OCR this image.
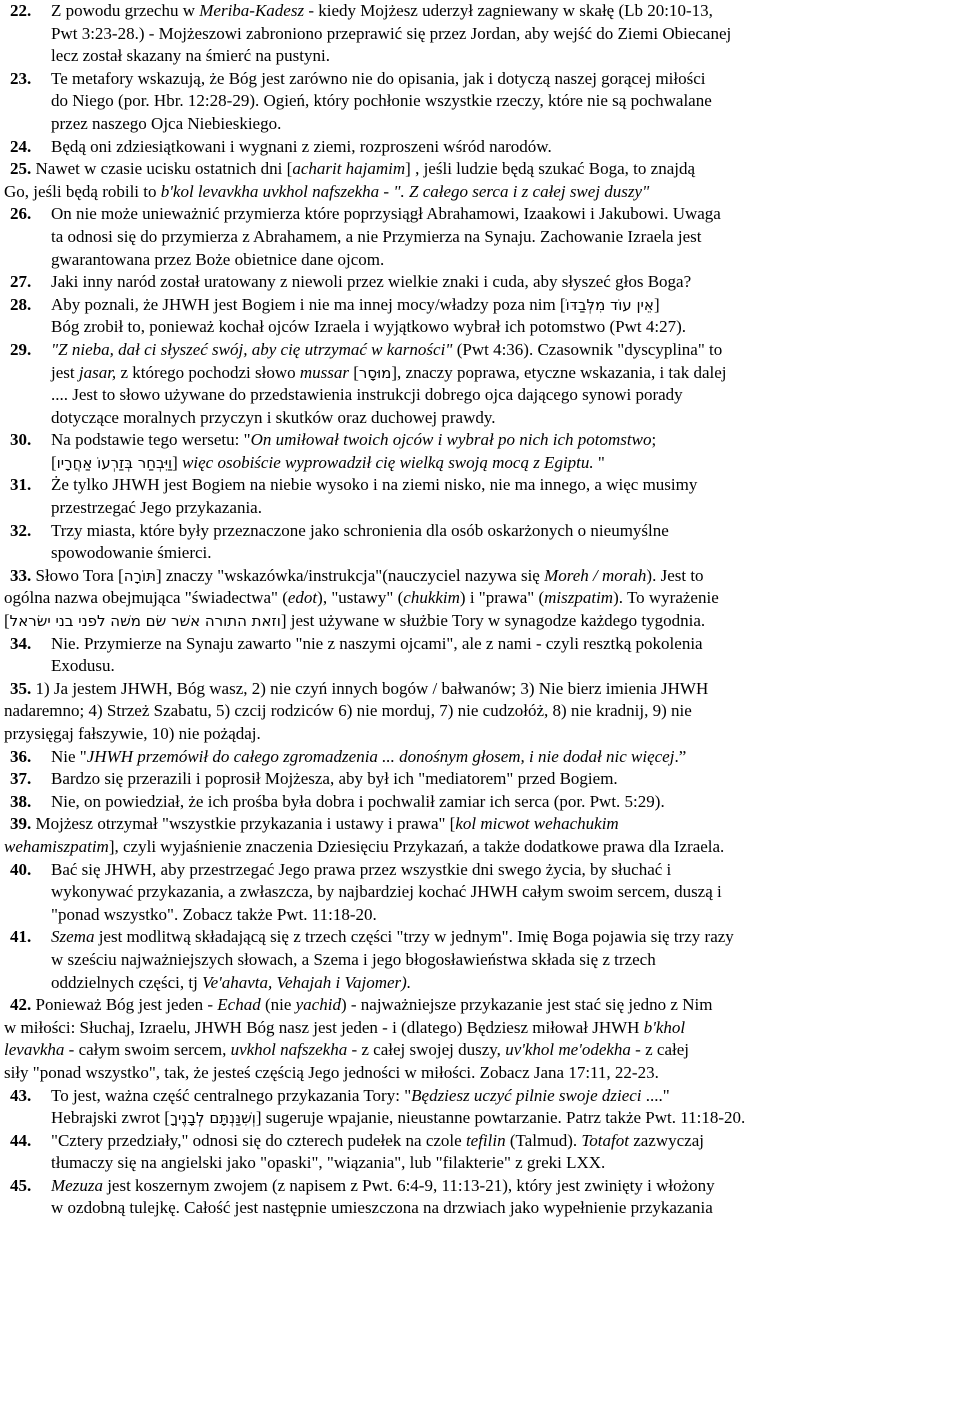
22. Z powodu grzechu w Meriba-Kadesz - kiedy Mojżesz uderzył zagniewany w skałę (Lb 20:10-13,
Pwt 3:23-28.) - Mojżeszowi zabroniono przeprawić się przez Jordan, aby wejść do Ziemi Obiecanej
lecz został skazany na śmierć na pustyni.
23. Te metafory wskazują, że Bóg jest zarówno nie do opisania, jak i dotyczą naszej gorącej miłości
do Niego (por. Hbr. 12:28-29). Ogień, który pochłonie wszystkie rzeczy, które nie są pochwalane
przez naszego Ojca Niebieskiego.
24. Będą oni zdziesiątkowani i wygnani z ziemi, rozproszeni wśród narodów.
25. Nawet w czasie ucisku ostatnich dni [acharit hajamim] , jeśli ludzie będą szukać Boga, to znajdą
Go, jeśli będą robili to b'kol levavkha uvkhol nafszekha - ". Z całego serca i z całej swej duszy"
26. On nie może unieważnić przymierza które poprzysiągł Abrahamowi, Izaakowi i Jakubowi. Uwaga
ta odnosi się do przymierza z Abrahamem, a nie Przymierza na Synaju. Zachowanie Izraela jest
gwarantowana przez Boże obietnice dane ojcom.
27. Jaki inny naród został uratowany z niewoli przez wielkie znaki i cuda, aby słyszeć głos Boga?
28. Aby poznali, że JHWH jest Bogiem i nie ma innej mocy/władzy poza nim [אֵין עוֹד מִלְּבַדּוֹ]
Bóg zrobił to, ponieważ kochał ojców Izraela i wyjątkowo wybrał ich potomstwo (Pwt 4:27).
29. "Z nieba, dał ci słyszeć swój, aby cię utrzymać w karności" (Pwt 4:36). Czasownik "dyscyplina" to
jest jasar, z którego pochodzi słowo mussar [מוּסָר], znaczy poprawa, etyczne wskazania, i tak dalej
.... Jest to słowo używane do przedstawienia instrukcji dobrego ojca dającego synowi porady
dotyczące moralnych przyczyn i skutków oraz duchowej prawdy.
30. Na podstawie tego wersetu: "On umiłował twoich ojców i wybrał po nich ich potomstwo;
[וַיִּבְחַר בְּזַרְעוֹ אַחֲרָיו] więc osobiście wyprowadził cię wielką swoją mocą z Egiptu. "
31. Że tylko JHWH jest Bogiem na niebie wysoko i na ziemi nisko, nie ma innego, a więc musimy
przestrzegać Jego przykazania.
32. Trzy miasta, które były przeznaczone jako schronienia dla osób oskarżonych o nieumyślne
spowodowanie śmierci.
33. Słowo Tora [תּוֹרָה] znaczy "wskazówka/instrukcja"(nauczyciel nazywa się Moreh / morah). Jest to
ogólna nazwa obejmująca "świadectwa" (edot), "ustawy" (chukkim) i "prawa" (miszpatim). To wyrażenie
[וזאת התורה אשׁר שׂם משׁה לפני בני ישׂראל] jest używane w służbie Tory w synagodze każdego tygodnia.
34. Nie. Przymierze na Synaju zawarto "nie z naszymi ojcami", ale z nami - czyli resztką pokolenia
Exodusu.
35. 1) Ja jestem JHWH, Bóg wasz, 2) nie czyń innych bogów / bałwanów; 3) Nie bierz imienia JHWH
nadaremno; 4) Strzeż Szabatu, 5) czcij rodziców 6) nie morduj, 7) nie cudzołóż, 8) nie kradnij, 9) nie
przysięgaj fałszywie, 10) nie pożądaj.
36. Nie "JHWH przemówił do całego zgromadzenia ... donośnym głosem, i nie dodał nic więcej.”
37. Bardzo się przerazili i poprosił Mojżesza, aby był ich "mediatorem" przed Bogiem.
38. Nie, on powiedział, że ich prośba była dobra i pochwalił zamiar ich serca (por. Pwt. 5:29).
39. Mojżesz otrzymał "wszystkie przykazania i ustawy i prawa" [kol micwot wehachukim
wehamiszpatim], czyli wyjaśnienie znaczenia Dziesięciu Przykazań, a także dodatkowe prawa dla Izraela.
40. Bać się JHWH, aby przestrzegać Jego prawa przez wszystkie dni swego życia, by słuchać i
wykonywać przykazania, a zwłaszcza, by najbardziej kochać JHWH całym swoim sercem, duszą i
"ponad wszystko". Zobacz także Pwt. 11:18-20.
41. Szema jest modlitwą składającą się z trzech części "trzy w jednym". Imię Boga pojawia się trzy razy
w sześciu najważniejszych słowach, a Szema i jego błogosławieństwa składa się z trzech
oddzielnych części, tj Ve'ahavta, Vehajah i Vajomer).
42. Ponieważ Bóg jest jeden - Echad (nie yachid) - najważniejsze przykazanie jest stać się jedno z Nim
w miłości: Słuchaj, Izraelu, JHWH Bóg nasz jest jeden - i (dlatego) Będziesz miłował JHWH b'khol
levavkha - całym swoim sercem, uvkhol nafszekha - z całej swojej duszy, uv'khol me'odekha - z całej
siły "ponad wszystko", tak, że jesteś częścią Jego jedności w miłości. Zobacz Jana 17:11, 22-23.
43. To jest, ważna część centralnego przykazania Tory: "Będziesz uczyć pilnie swoje dzieci ...."
Hebrajski zwrot [וְשִׁנַּנְתָּם לְבָנֶיךָ] sugeruje wpajanie, nieustanne powtarzanie. Patrz także Pwt. 11:18-20.
44. "Cztery przedziały," odnosi się do czterech pudełek na czole tefilin (Talmud). Totafot zazwyczaj
tłumaczy się na angielski jako "opaski", "wiązania", lub "filakterie" z greki LXX.
45. Mezuza jest koszernym zwojem (z napisem z Pwt. 6:4-9, 11:13-21), który jest zwinięty i włożony
w ozdobną tulejkę. Całość jest następnie umieszczona na drzwiach jako wypełnienie przykazania
